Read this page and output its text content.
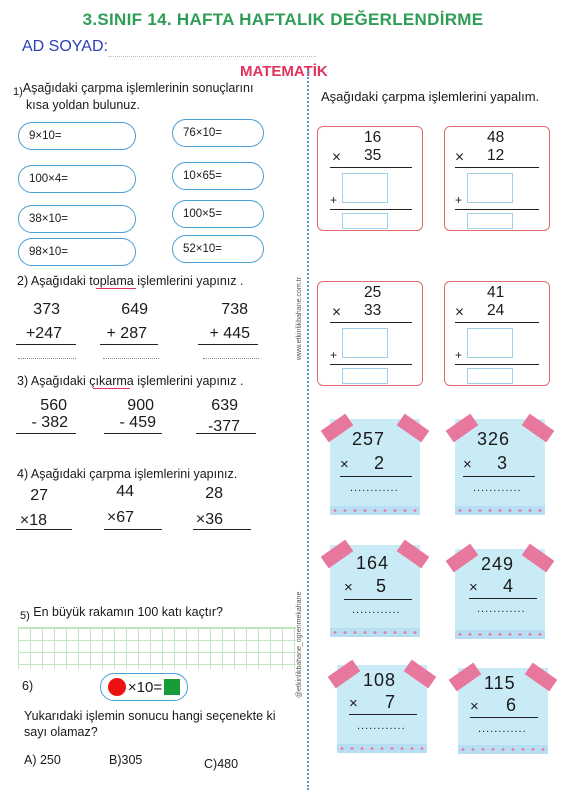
3.SINIF 14. HAFTA HAFTALIK DEĞERLENDİRME
AD SOYAD:
MATEMATİK
www.etkinlikbahane.com.tr
@etkinlikbahane_ogrenmekahane
1)Aşağıdaki çarpma işlemlerinin sonuçlarını
kısa yoldan bulunuz.
9×10=	76×10=
100×4=	10×65=
38×10=	100×5=
98×10=	52×10=
2) Aşağıdaki toplama işlemlerini yapınız .
373
+247
649
+ 287
738
+ 445
3) Aşağıdaki çıkarma işlemlerini yapınız .
560
- 382
900
- 459
639
-377
4) Aşağıdaki çarpma işlemlerini yapınız.
27
×18
44
×67
28
×36
5) En büyük rakamın 100 katı kaçtır?
6)	×10=
Yukarıdaki işlemin sonucu hangi seçenekte ki
sayı olamaz?
A) 250	B)305	C)480
Aşağıdaki çarpma işlemlerini yapalım.
16
× 35
+
48
× 12
+
25
× 33
+
41
× 24
+
257
× 2
............
326
× 3
............
164
× 5
............
249
× 4
............
108
× 7
............
115
× 6
............
